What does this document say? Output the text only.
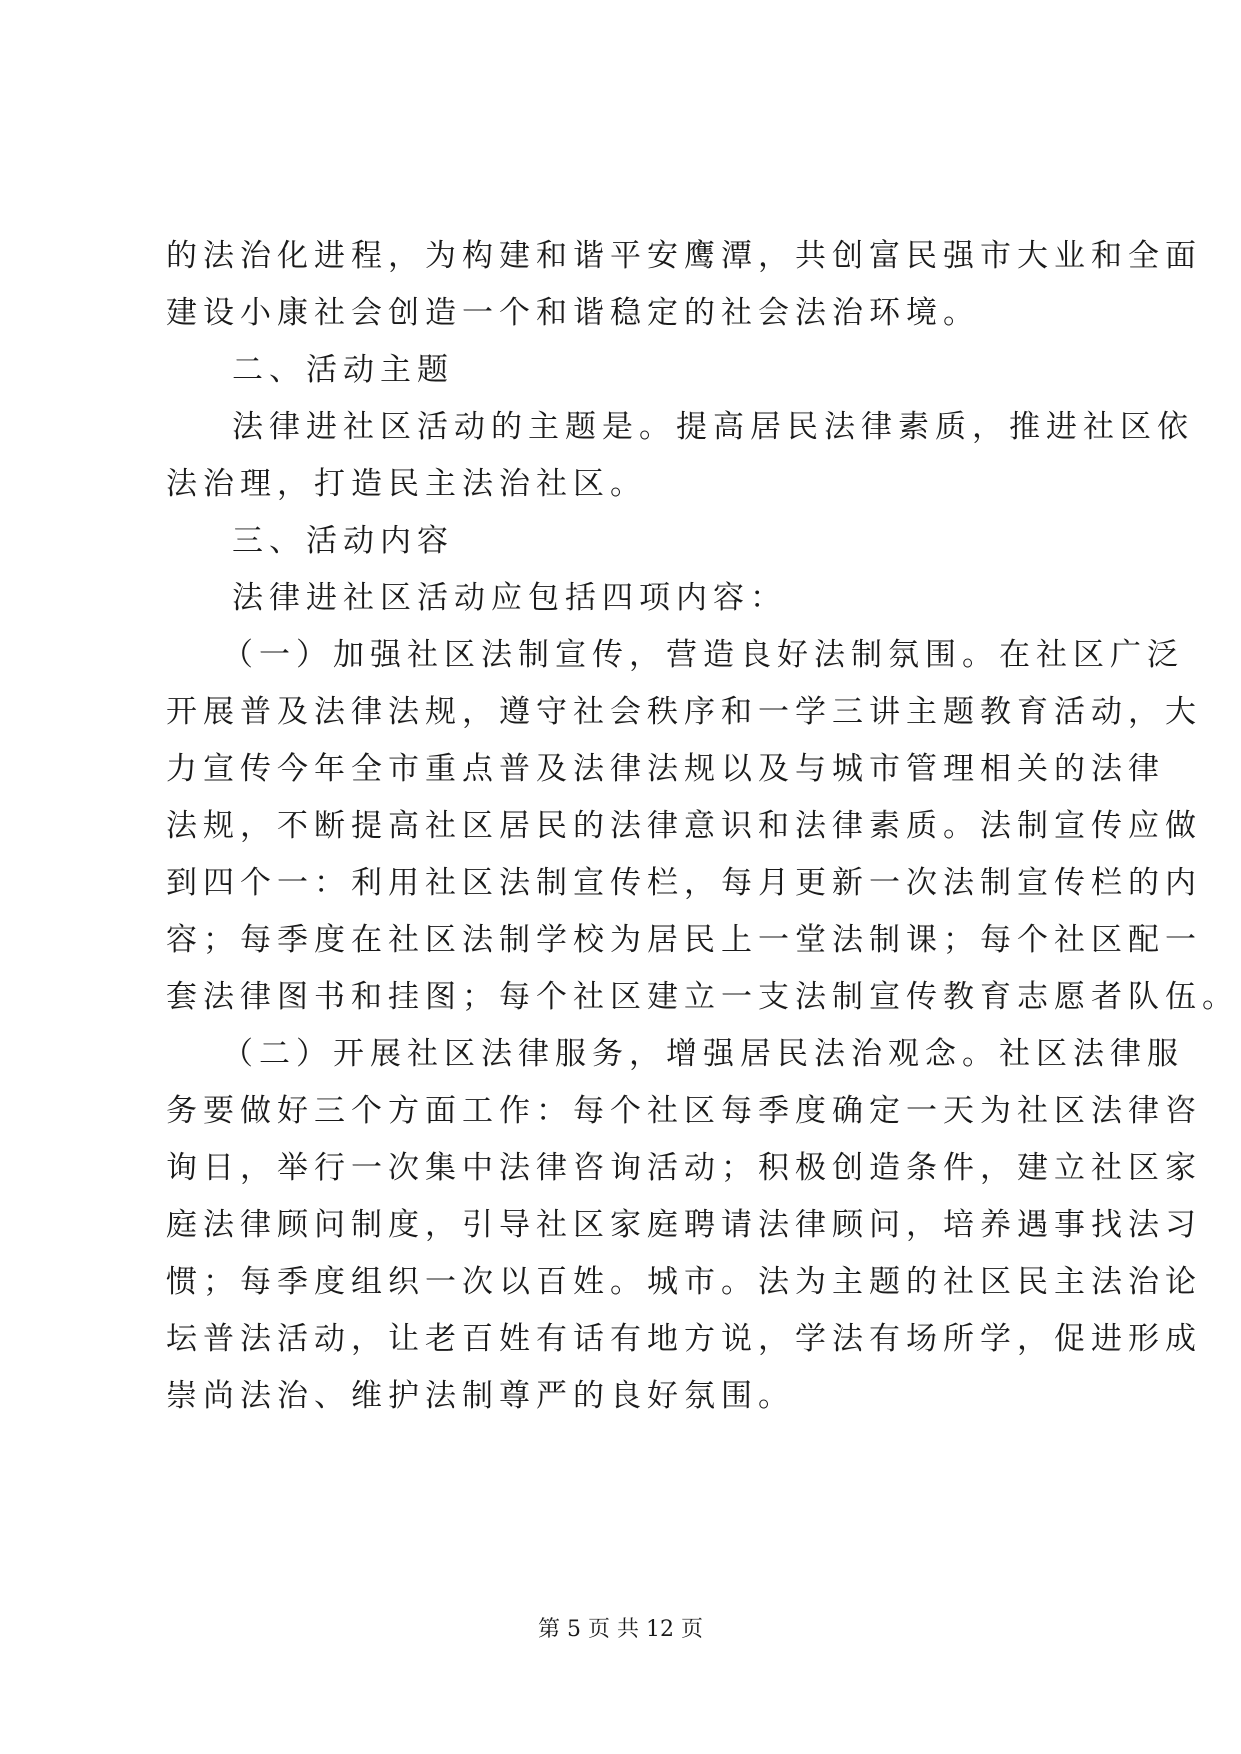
的法治化进程，为构建和谐平安鹰潭，共创富民强市大业和全面
建设小康社会创造一个和谐稳定的社会法治环境。
二、活动主题
法律进社区活动的主题是。提高居民法律素质，推进社区依
法治理，打造民主法治社区。
三、活动内容
法律进社区活动应包括四项内容：
（一）加强社区法制宣传，营造良好法制氛围。在社区广泛
开展普及法律法规，遵守社会秩序和一学三讲主题教育活动，大
力宣传今年全市重点普及法律法规以及与城市管理相关的法律
法规，不断提高社区居民的法律意识和法律素质。法制宣传应做
到四个一：利用社区法制宣传栏，每月更新一次法制宣传栏的内
容；每季度在社区法制学校为居民上一堂法制课；每个社区配一
套法律图书和挂图；每个社区建立一支法制宣传教育志愿者队伍。
（二）开展社区法律服务，增强居民法治观念。社区法律服
务要做好三个方面工作：每个社区每季度确定一天为社区法律咨
询日，举行一次集中法律咨询活动；积极创造条件，建立社区家
庭法律顾问制度，引导社区家庭聘请法律顾问，培养遇事找法习
惯；每季度组织一次以百姓。城市。法为主题的社区民主法治论
坛普法活动，让老百姓有话有地方说，学法有场所学，促进形成
崇尚法治、维护法制尊严的良好氛围。
第 5 页 共 12 页
